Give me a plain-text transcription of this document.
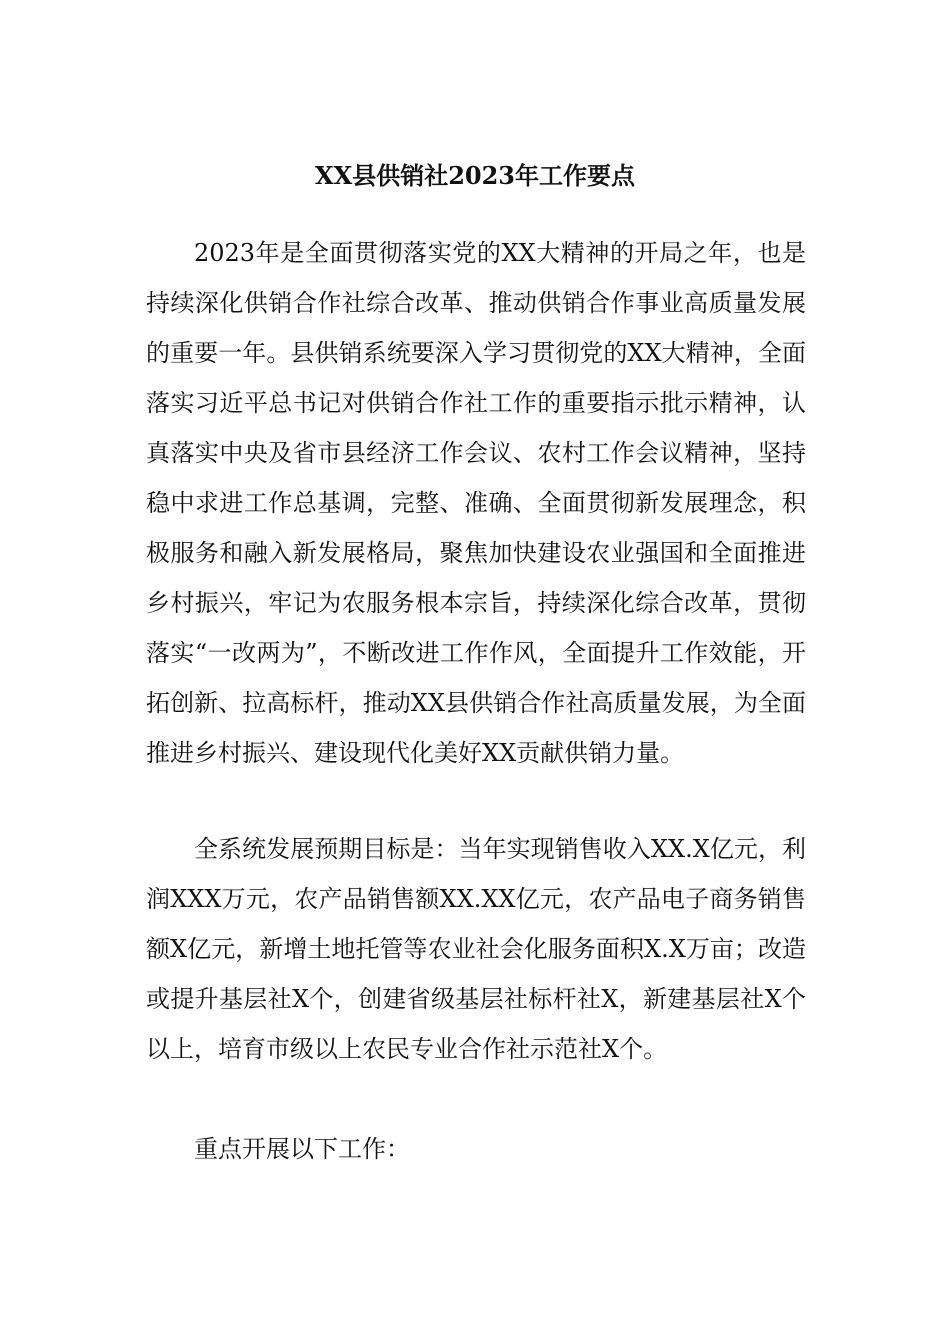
XX县供销社2023年工作要点

2023年是全面贯彻落实党的XX大精神的开局之年，也是持续深化供销合作社综合改革、推动供销合作事业高质量发展的重要一年。县供销系统要深入学习贯彻党的XX大精神，全面落实习近平总书记对供销合作社工作的重要指示批示精神，认真落实中央及省市县经济工作会议、农村工作会议精神，坚持稳中求进工作总基调，完整、准确、全面贯彻新发展理念，积极服务和融入新发展格局，聚焦加快建设农业强国和全面推进乡村振兴，牢记为农服务根本宗旨，持续深化综合改革，贯彻落实“一改两为”，不断改进工作作风，全面提升工作效能，开拓创新、拉高标杆，推动XX县供销合作社高质量发展，为全面推进乡村振兴、建设现代化美好XX贡献供销力量。

全系统发展预期目标是：当年实现销售收入XX.X亿元，利润XXX万元，农产品销售额XX.XX亿元，农产品电子商务销售额X亿元，新增土地托管等农业社会化服务面积X.X万亩；改造或提升基层社X个，创建省级基层社标杆社X，新建基层社X个以上，培育市级以上农民专业合作社示范社X个。

重点开展以下工作：
